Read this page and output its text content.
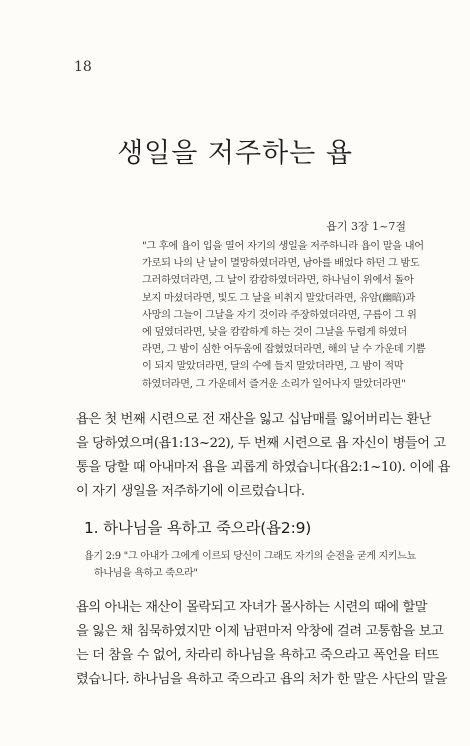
18
생일을 저주하는 욥
욥기 3장 1~7절
"그 후에 욥이 입을 열어 자기의 생일을 저주하니라 욥이 말을 내어
가로되 나의 난 날이 멸망하였더라면, 남아를 배었다 하던 그 밤도
그러하였더라면, 그 날이 캄캄하였더라면, 하나님이 위에서 돌아
보지 마셨더라면, 빛도 그 날을 비취지 말았더라면, 유암(幽暗)과
사망의 그늘이 그날을 자기 것이라 주장하였더라면, 구름이 그 위
에 덮였더라면, 낮을 캄캄하게 하는 것이 그날을 두렵게 하였더
라면, 그 밤이 심한 어두움에 잡혔었더라면, 해의 날 수 가운데 기쁨
이 되지 말았더라면, 달의 수에 들지 말았더라면, 그 밤이 적막
하였더라면, 그 가운데서 즐거운 소리가 일어나지 말았더라면"
욥은 첫 번째 시련으로 전 재산을 잃고 십남매를 잃어버리는 환난
을 당하였으며(욥1:13~22), 두 번째 시련으로 욥 자신이 병들어 고
통을 당할 때 아내마저 욥을 괴롭게 하였습니다(욥2:1~10). 이에 욥
이 자기 생일을 저주하기에 이르렀습니다.
1. 하나님을 욕하고 죽으라(욥2:9)
욥기 2:9 "그 아내가 그에게 이르되 당신이 그래도 자기의 순전을 굳게 지키느뇨
하나님을 욕하고 죽으라"
욥의 아내는 재산이 몰락되고 자녀가 몰사하는 시련의 때에 할말
을 잃은 채 침묵하였지만 이제 남편마저 악창에 걸려 고통함을 보고
는 더 참을 수 없어, 차라리 하나님을 욕하고 죽으라고 폭언을 터뜨
렸습니다. 하나님을 욕하고 죽으라고 욥의 처가 한 말은 사단의 말을
